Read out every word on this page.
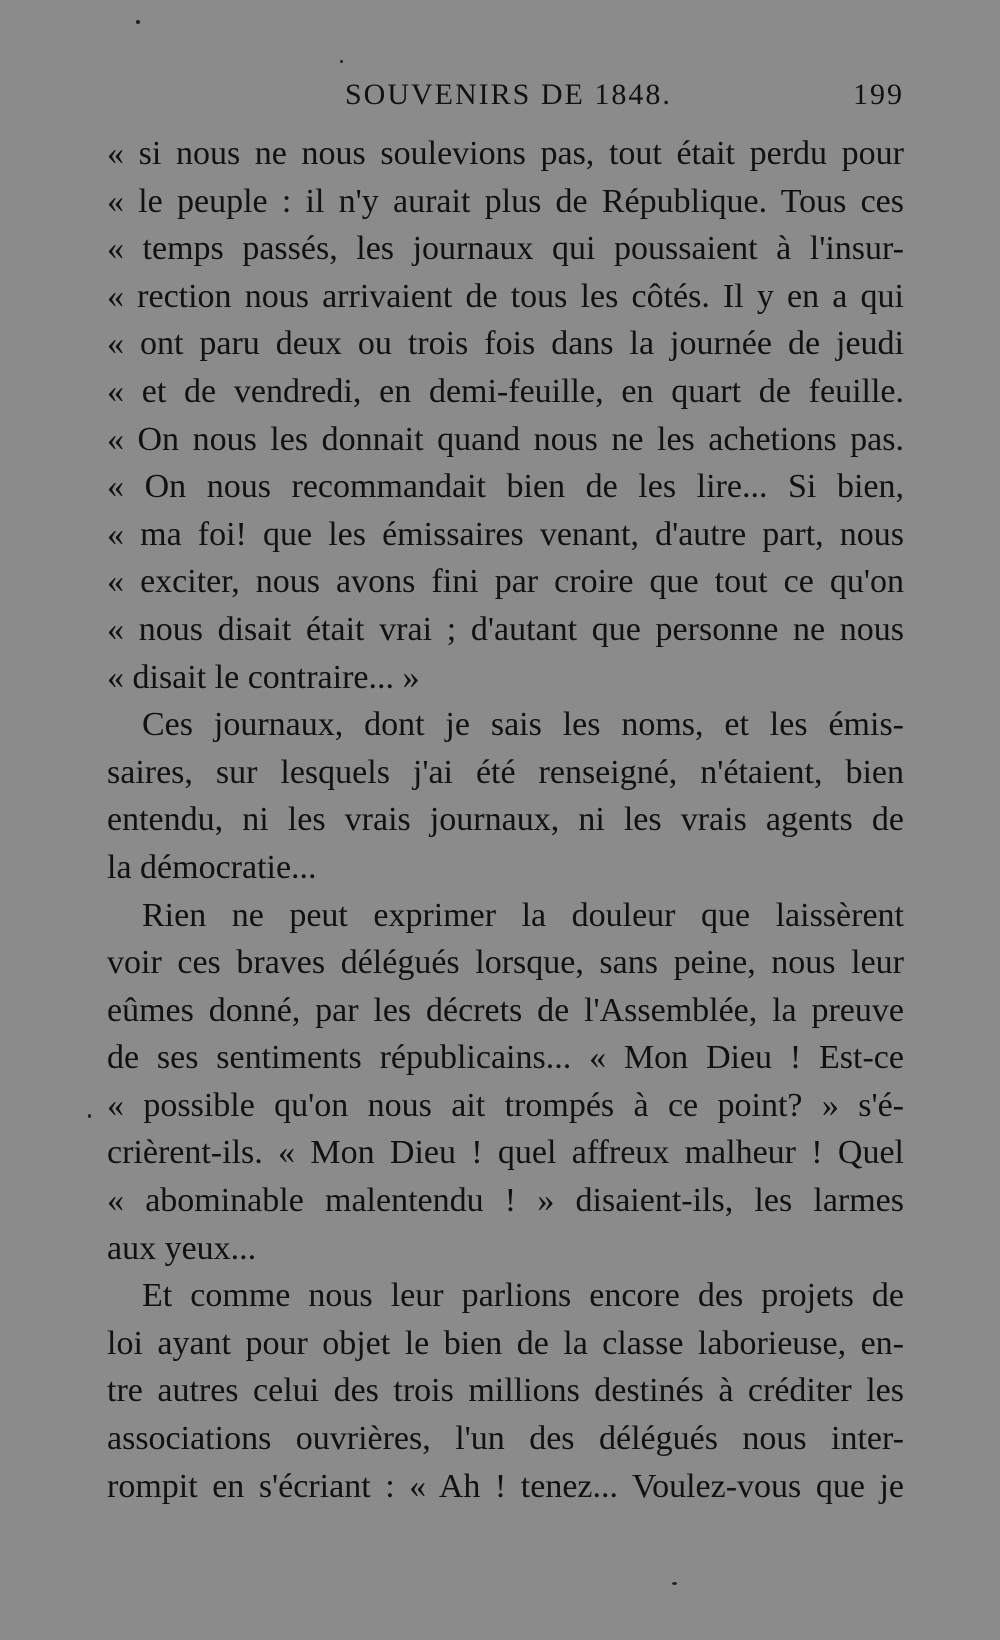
SOUVENIRS DE 1848.	199
« si nous ne nous soulevions pas, tout était perdu pour
« le peuple : il n'y aurait plus de République. Tous ces
« temps passés, les journaux qui poussaient à l'insur-
« rection nous arrivaient de tous les côtés. Il y en a qui
« ont paru deux ou trois fois dans la journée de jeudi
« et de vendredi, en demi-feuille, en quart de feuille.
« On nous les donnait quand nous ne les achetions pas.
« On nous recommandait bien de les lire... Si bien,
« ma foi! que les émissaires venant, d'autre part, nous
« exciter, nous avons fini par croire que tout ce qu'on
« nous disait était vrai ; d'autant que personne ne nous
« disait le contraire... »
Ces journaux, dont je sais les noms, et les émis-
saires, sur lesquels j'ai été renseigné, n'étaient, bien
entendu, ni les vrais journaux, ni les vrais agents de
la démocratie...
Rien ne peut exprimer la douleur que laissèrent
voir ces braves délégués lorsque, sans peine, nous leur
eûmes donné, par les décrets de l'Assemblée, la preuve
de ses sentiments républicains... « Mon Dieu ! Est-ce
« possible qu'on nous ait trompés à ce point? » s'é-
crièrent-ils. « Mon Dieu ! quel affreux malheur ! Quel
« abominable malentendu ! » disaient-ils, les larmes
aux yeux...
Et comme nous leur parlions encore des projets de
loi ayant pour objet le bien de la classe laborieuse, en-
tre autres celui des trois millions destinés à créditer les
associations ouvrières, l'un des délégués nous inter-
rompit en s'écriant : « Ah ! tenez... Voulez-vous que je
